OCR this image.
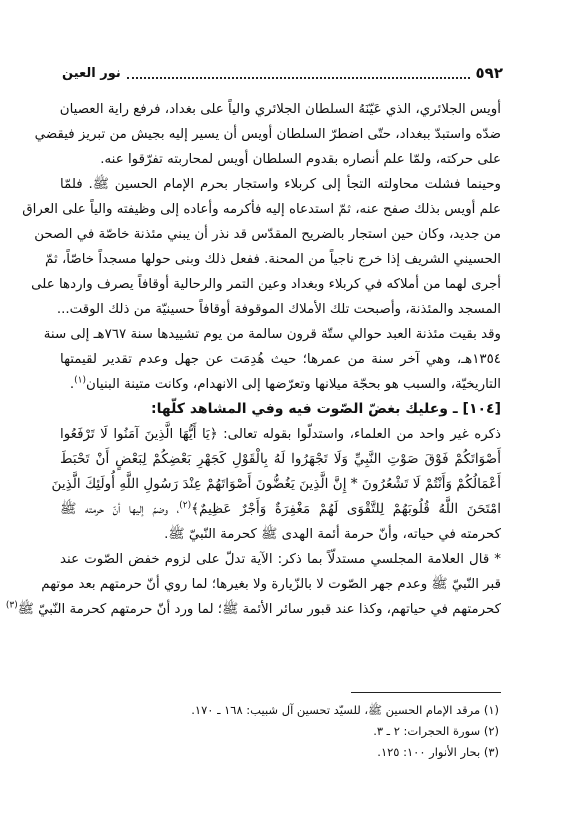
٥٩٢
نور العين
أويس الجلائري، الذي عَيّنَهُ السلطان الجلائري والياً على بغداد، فرفع راية العصيان
ضدّه واستبدّ ببغداد، حتّى اضطرّ السلطان أويس أن يسير إليه بجيش من تبريز فيقضي
على حركته، ولمّا علم أنصاره بقدوم السلطان أويس لمحاربته تفرّقوا عنه.
وحينما فشلت محاولته التجأ إلى كربلاء واستجار بحرم الإمام الحسين ﷺ. فلمّا
علم أويس بذلك صفح عنه، ثمّ استدعاه إليه فأكرمه وأعاده إلى وظيفته والياً على العراق
من جديد، وكان حين استجار بالضريح المقدّس قد نذر أن يبني مئذنة خاصّة في الصحن
الحسيني الشريف إذا خرج ناجياً من المحنة. ففعل ذلك وبنى حولها مسجداً خاصّاً، ثمّ
أجرى لهما من أملاكه في كربلاء وبغداد وعين التمر والرحالية أوقافاً يصرف واردها على
المسجد والمئذنة، وأصبحت تلك الأملاك الموقوفة أوقافاً حسينيّة من ذلك الوقت...
وقد بقيت مئذنة العبد حوالي ستّة قرون سالمة من يوم تشييدها سنة ٧٦٧هـ إلى سنة
١٣٥٤هـ، وهي آخر سنة من عمرها؛ حيث هُدِمَت عن جهل وعدم تقدير لقيمتها
التاريخيّة، والسبب هو بحجّة ميلانها وتعرّضها إلى الانهدام، وكانت متينة البنيان$^{(١)}$.
[١٠٤] ـ وعليك بغضّ الصّوت فيه وفي المشاهد كلّها:
ذكره غير واحد من العلماء، واستدلّوا بقوله تعالى: ﴿يَا أَيُّهَا الَّذِينَ آمَنُوا لَا تَرْفَعُوا
أَصْوَاتَكُمْ فَوْقَ صَوْتِ النَّبِيِّ وَلَا تَجْهَرُوا لَهُ بِالْقَوْلِ كَجَهْرِ بَعْضِكُمْ لِبَعْضٍ أَنْ تَحْبَطَ
أَعْمَالُكُمْ وَأَنْتُمْ لَا تَشْعُرُونَ * إِنَّ الَّذِينَ يَغُضُّونَ أَصْوَاتَهُمْ عِنْدَ رَسُولِ اللَّهِ أُولَئِكَ الَّذِينَ
امْتَحَنَ اللَّهُ قُلُوبَهُمْ لِلتَّقْوَى لَهُمْ مَغْفِرَةٌ وَأَجْرٌ عَظِيمٌ﴾$^{(٢)}$، وضمّ إليها أنّ حرمته ﷺ
كحرمته في حياته، وأنّ حرمة أئمة الهدى ﷺ كحرمة النّبيّ ﷺ.
* قال العلامة المجلسي مستدلّاً بما ذكر: الآية تدلّ على لزوم خفض الصّوت عند
قبر النّبيّ ﷺ وعدم جهر الصّوت لا بالزّيارة ولا بغيرها؛ لما روي أنّ حرمتهم بعد موتهم
كحرمتهم في حياتهم، وكذا عند قبور سائر الأئمة ﷺ؛ لما ورد أنّ حرمتهم كحرمة النّبيّ ﷺ$^{(٣)}$
(١) مرقد الإمام الحسين ﷺ، للسيّد تحسين آل شبيب: ١٦٨ ـ ١٧٠.
(٢) سورة الحجرات: ٢ ـ ٣.
(٣) بحار الأنوار ١٠٠: ١٢٥.
